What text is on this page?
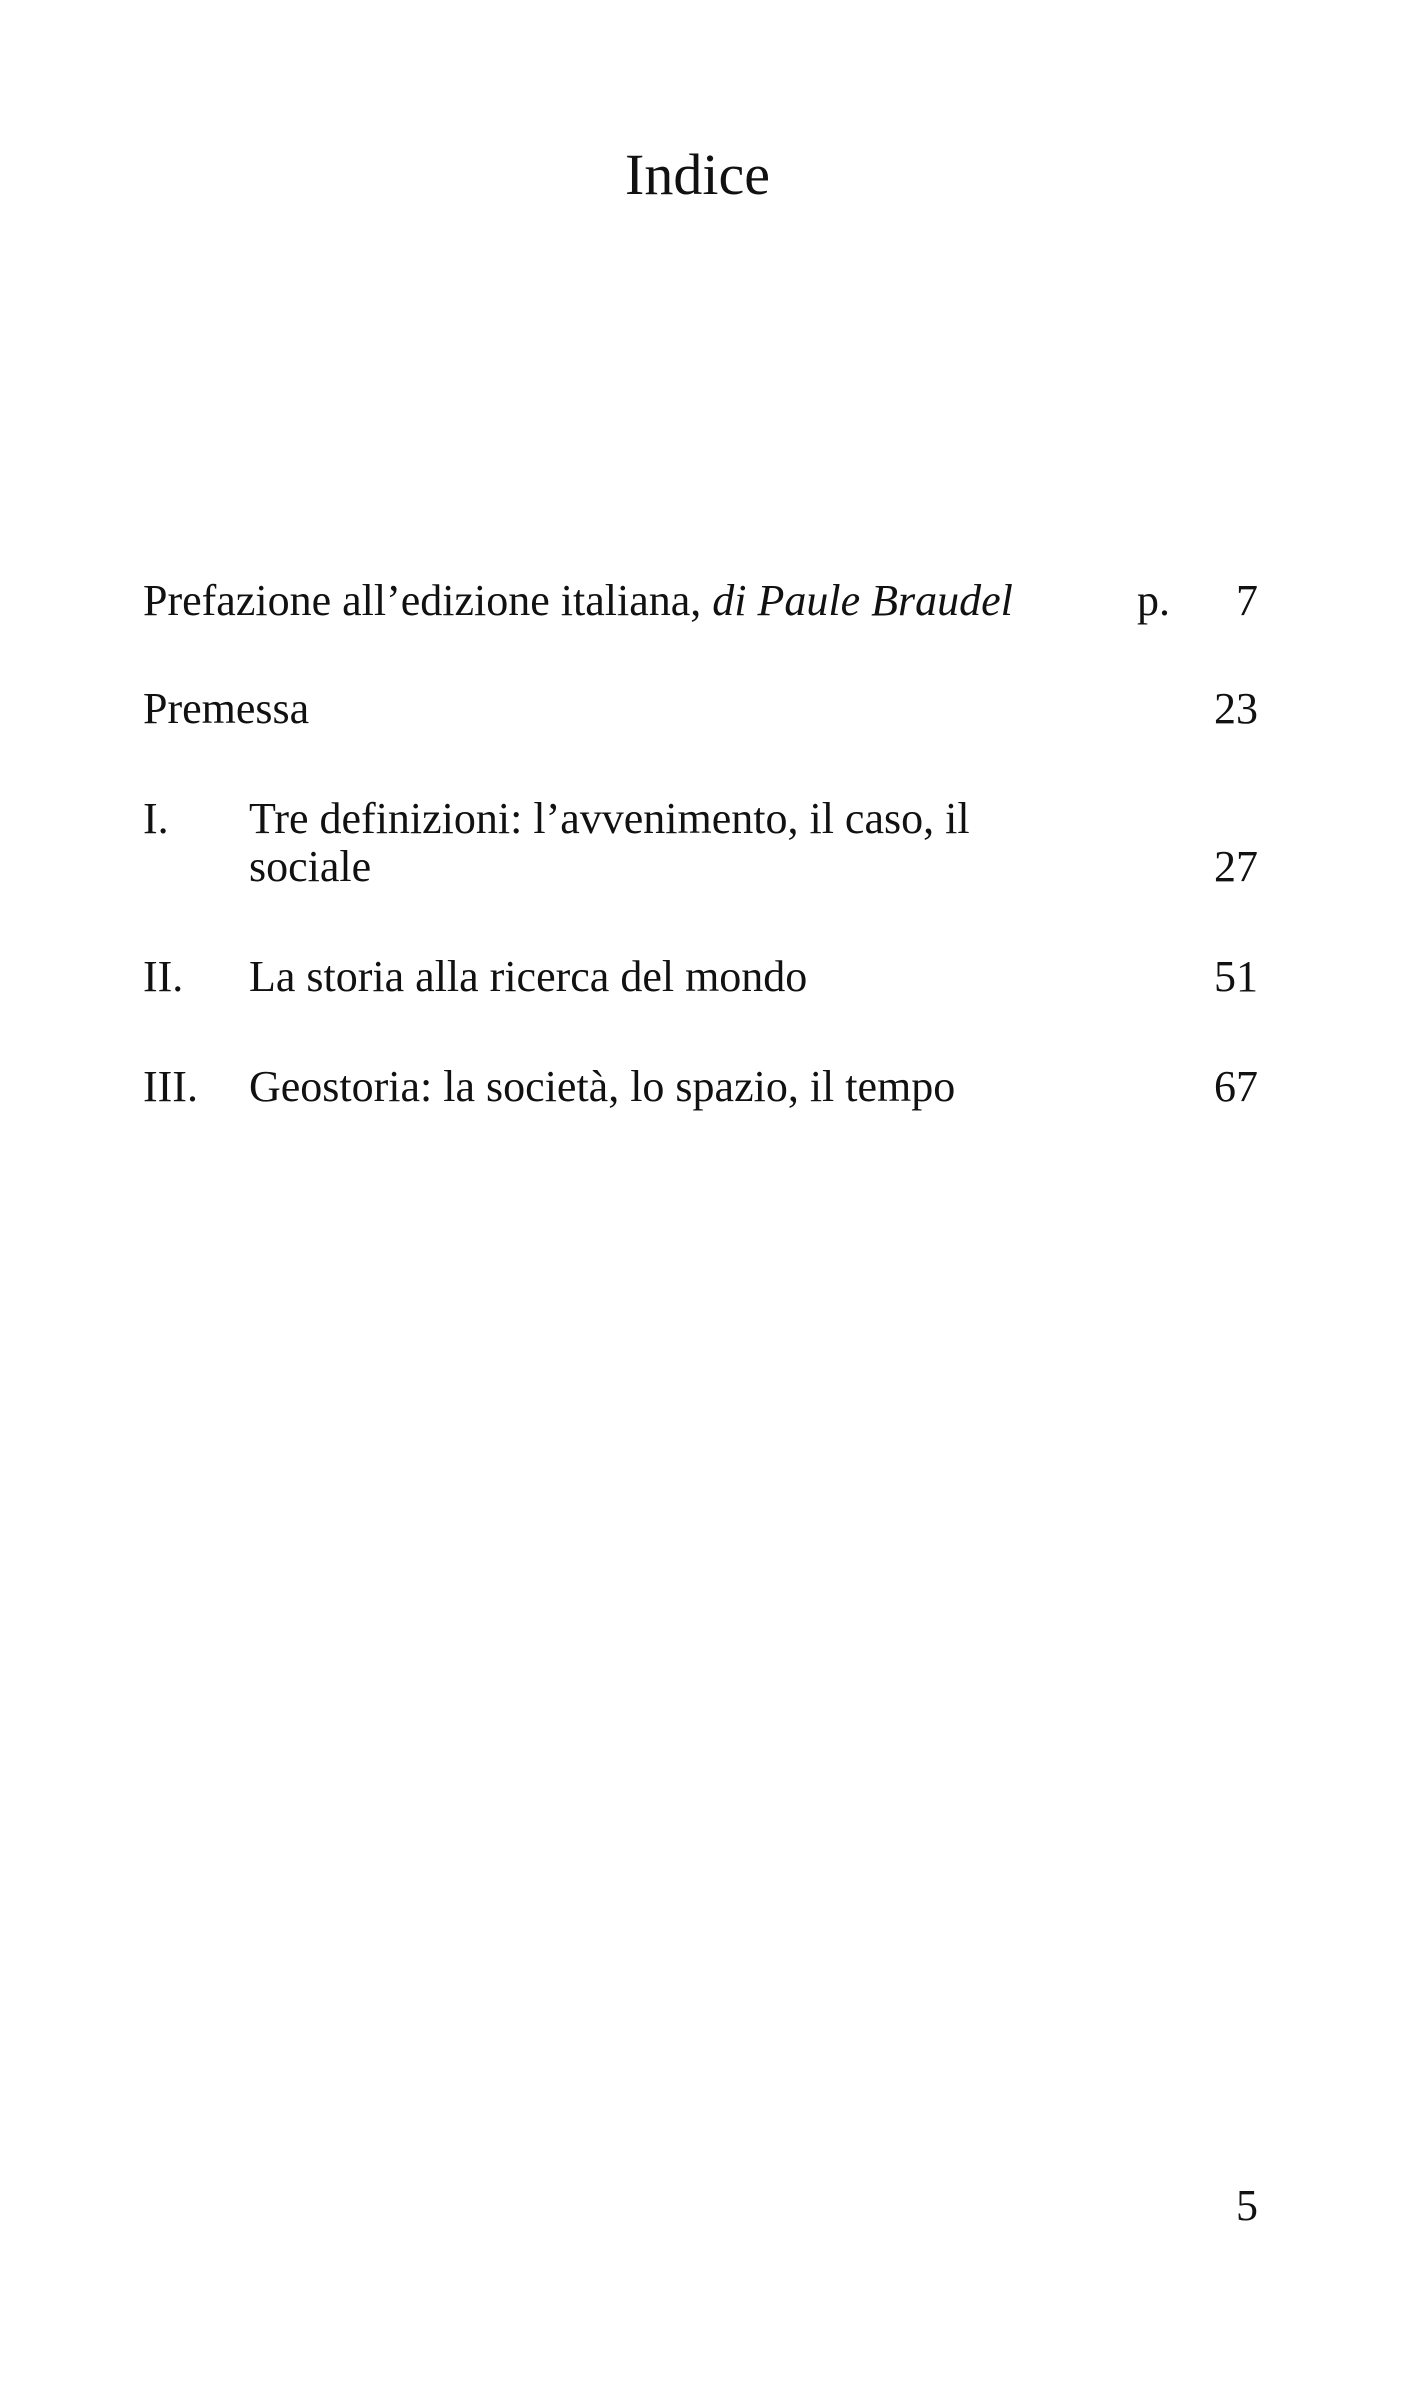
Indice
Prefazione all’edizione italiana, di Paule Braudel	p. 7
Premessa	23
I. Tre definizioni: l’avvenimento, il caso, il sociale	27
II. La storia alla ricerca del mondo	51
III. Geostoria: la società, lo spazio, il tempo	67
5
